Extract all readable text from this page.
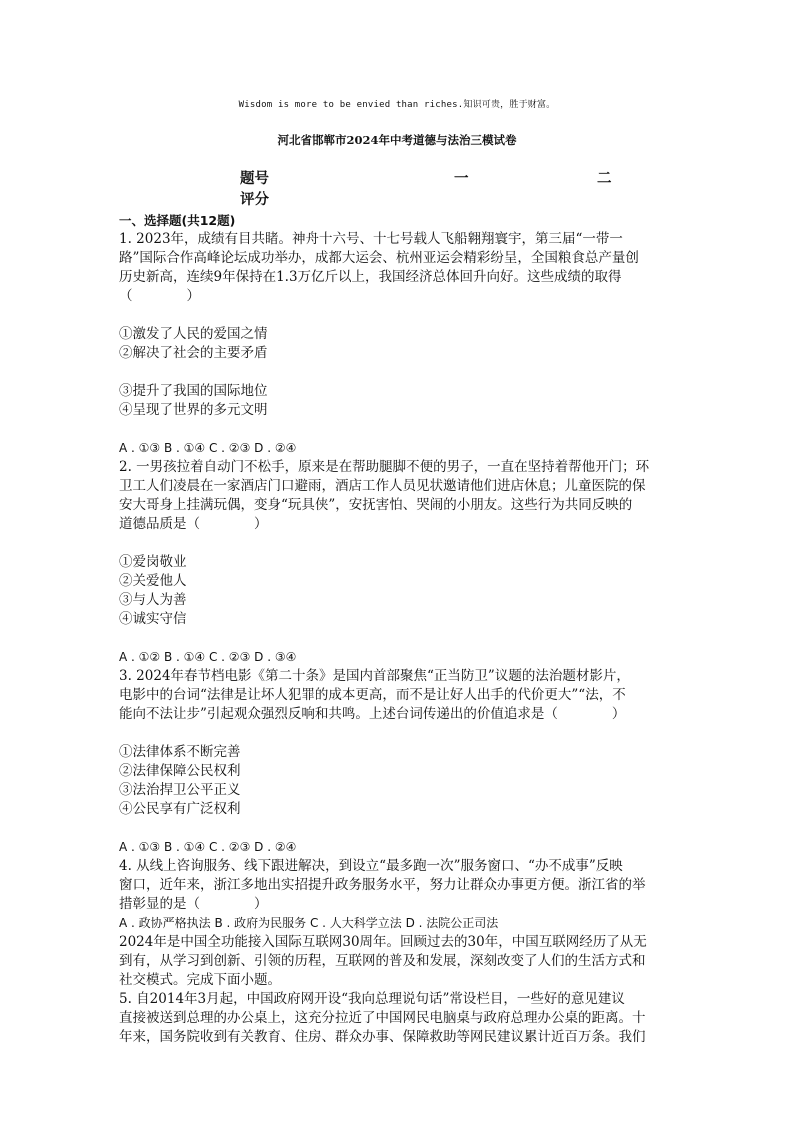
Wisdom is more to be envied than riches.知识可贵，胜于财富。
河北省邯郸市2024年中考道德与法治三模试卷
题号	一	二
评分

一、选择题(共12题)

1. 2023年，成绩有目共睹。神舟十六号、十七号载人飞船翱翔寰宇，第三届“一带一

路”国际合作高峰论坛成功举办，成都大运会、杭州亚运会精彩纷呈，全国粮食总产量创

历史新高，连续9年保持在1.3万亿斤以上，我国经济总体回升向好。这些成绩的取得

（　　　　）

①激发了人民的爱国之情

②解决了社会的主要矛盾

③提升了我国的国际地位

④呈现了世界的多元文明

A . ①③ B . ①④ C . ②③ D . ②④

2. 一男孩拉着自动门不松手，原来是在帮助腿脚不便的男子，一直在坚持着帮他开门；环

卫工人们凌晨在一家酒店门口避雨，酒店工作人员见状邀请他们进店休息；儿童医院的保

安大哥身上挂满玩偶，变身“玩具侠”，安抚害怕、哭闹的小朋友。这些行为共同反映的

道德品质是（　　　　）

①爱岗敬业

②关爱他人

③与人为善

④诚实守信

A . ①② B . ①④ C . ②③ D . ③④

3. 2024年春节档电影《第二十条》是国内首部聚焦“正当防卫”议题的法治题材影片，

电影中的台词“法律是让坏人犯罪的成本更高，而不是让好人出手的代价更大”“法，不

能向不法让步”引起观众强烈反响和共鸣。上述台词传递出的价值追求是（　　　　）

①法律体系不断完善

②法律保障公民权利

③法治捍卫公平正义

④公民享有广泛权利

A . ①③ B . ①④ C . ②③ D . ②④

4. 从线上咨询服务、线下跟进解决，到设立“最多跑一次”服务窗口、“办不成事”反映

窗口，近年来，浙江多地出实招提升政务服务水平，努力让群众办事更方便。浙江省的举

措彰显的是（　　　　）

A . 政协严格执法 B . 政府为民服务 C . 人大科学立法 D . 法院公正司法

2024年是中国全功能接入国际互联网30周年。回顾过去的30年，中国互联网经历了从无

到有，从学习到创新、引领的历程，互联网的普及和发展，深刻改变了人们的生活方式和

社交模式。完成下面小题。

5. 自2014年3月起，中国政府网开设“我向总理说句话”常设栏目，一些好的意见建议

直接被送到总理的办公桌上，这充分拉近了中国网民电脑桌与政府总理办公桌的距离。十

年来，国务院收到有关教育、住房、群众办事、保障救助等网民建议累计近百万条。我们
